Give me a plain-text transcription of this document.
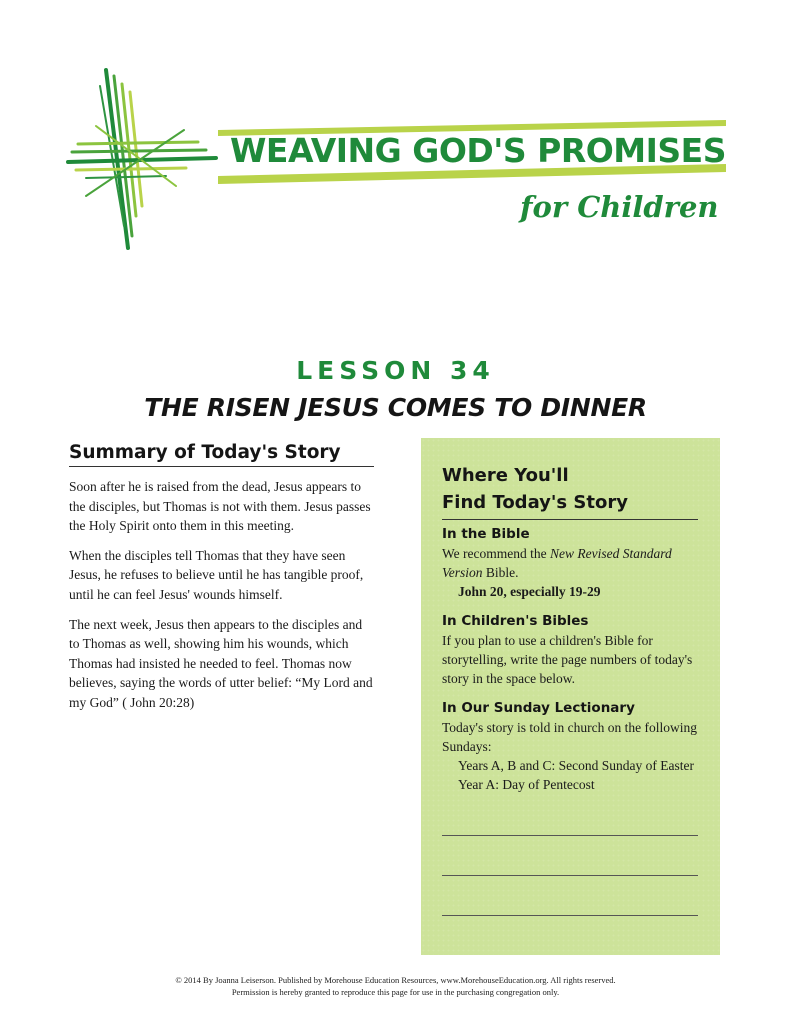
WEAVING GOD'S PROMISES
for Children
LESSON 34
THE RISEN JESUS COMES TO DINNER
Summary of Today's Story

Soon after he is raised from the dead, Jesus appears to the disciples, but Thomas is not with them. Jesus passes the Holy Spirit onto them in this meeting.

When the disciples tell Thomas that they have seen Jesus, he refuses to believe until he has tangible proof, until he can feel Jesus' wounds himself.

The next week, Jesus then appears to the disciples and to Thomas as well, showing him his wounds, which Thomas had insisted he needed to feel. Thomas now believes, saying the words of utter belief: “My Lord and my God” ( John 20:28)

Where You'll
Find Today's Story
In the Bible
We recommend the New Revised Standard Version Bible.
John 20, especially 19-29
In Children's Bibles
If you plan to use a children's Bible for storytelling, write the page numbers of today's story in the space below.
In Our Sunday Lectionary
Today's story is told in church on the following Sundays:
Years A, B and C: Second Sunday of Easter
Year A: Day of Pentecost
© 2014 By Joanna Leiserson. Published by Morehouse Education Resources, www.MorehouseEducation.org. All rights reserved.
Permission is hereby granted to reproduce this page for use in the purchasing congregation only.
